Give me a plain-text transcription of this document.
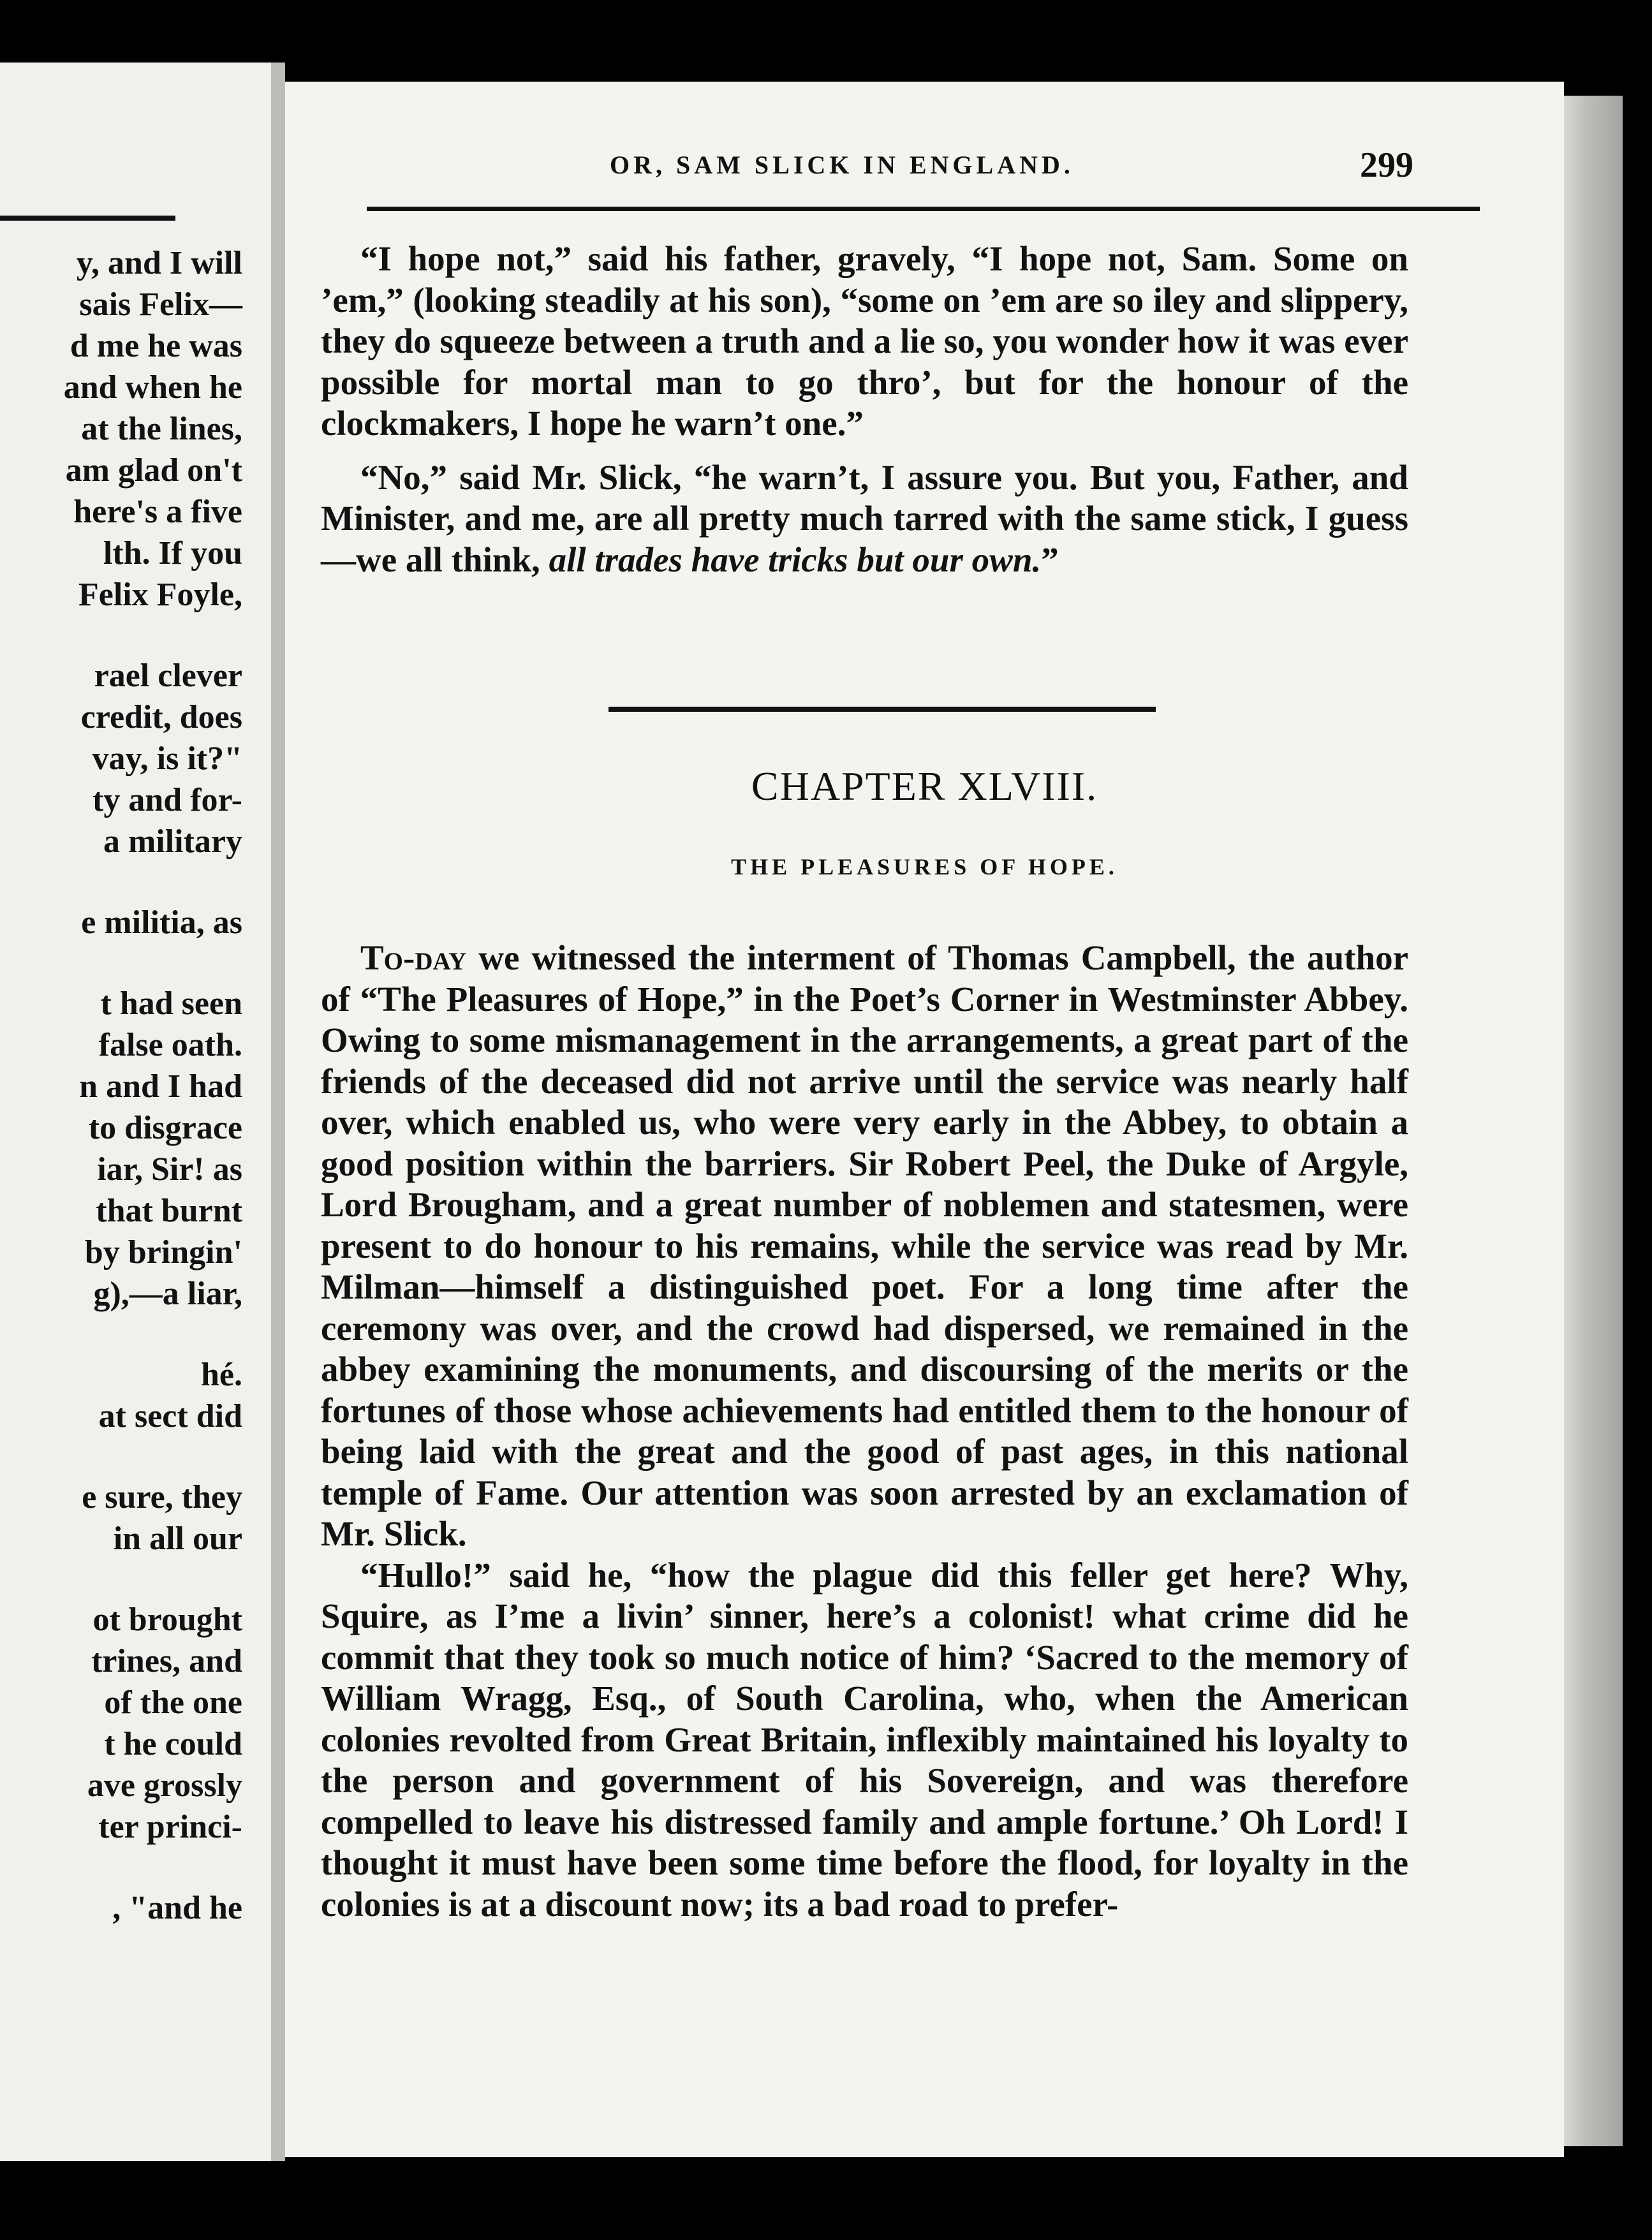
y, and I will
sais Felix—
d me he was
and when he
at the lines,
am glad on't
here's a five
lth. If you
Felix Foyle,
rael clever
credit, does
vay, is it?"
ty and for-
a military
e militia, as
t had seen
false oath.
n and I had
to disgrace
iar, Sir! as
that burnt
by bringin'
g),—a liar,
hé.
at sect did
e sure, they
in all our
ot brought
trines, and
of the one
t he could
ave grossly
ter princi-
, "and he
OR, SAM SLICK IN ENGLAND.	299

“I hope not,” said his father, gravely, “I hope not, Sam. Some on ’em,” (looking steadily at his son), “some on ’em are so iley and slippery, they do squeeze between a truth and a lie so, you wonder how it was ever possible for mortal man to go thro’, but for the honour of the clockmakers, I hope he warn’t one.”

“No,” said Mr. Slick, “he warn’t, I assure you. But you, Father, and Minister, and me, are all pretty much tarred with the same stick, I guess—we all think, all trades have tricks but our own.”

CHAPTER XLVIII.
THE PLEASURES OF HOPE.

To-day we witnessed the interment of Thomas Campbell, the author of “The Pleasures of Hope,” in the Poet’s Corner in Westminster Abbey. Owing to some mismanagement in the arrangements, a great part of the friends of the deceased did not arrive until the service was nearly half over, which enabled us, who were very early in the Abbey, to obtain a good position within the barriers. Sir Robert Peel, the Duke of Argyle, Lord Brougham, and a great number of noblemen and statesmen, were present to do honour to his remains, while the service was read by Mr. Milman—himself a distinguished poet. For a long time after the ceremony was over, and the crowd had dispersed, we remained in the abbey examining the monuments, and discoursing of the merits or the fortunes of those whose achievements had entitled them to the honour of being laid with the great and the good of past ages, in this national temple of Fame. Our attention was soon arrested by an exclamation of Mr. Slick.

“Hullo!” said he, “how the plague did this feller get here? Why, Squire, as I’me a livin’ sinner, here’s a colonist! what crime did he commit that they took so much notice of him? ‘Sacred to the memory of William Wragg, Esq., of South Carolina, who, when the American colonies revolted from Great Britain, inflexibly maintained his loyalty to the person and government of his Sovereign, and was therefore compelled to leave his distressed family and ample fortune.’ Oh Lord! I thought it must have been some time before the flood, for loyalty in the colonies is at a discount now; its a bad road to prefer-
